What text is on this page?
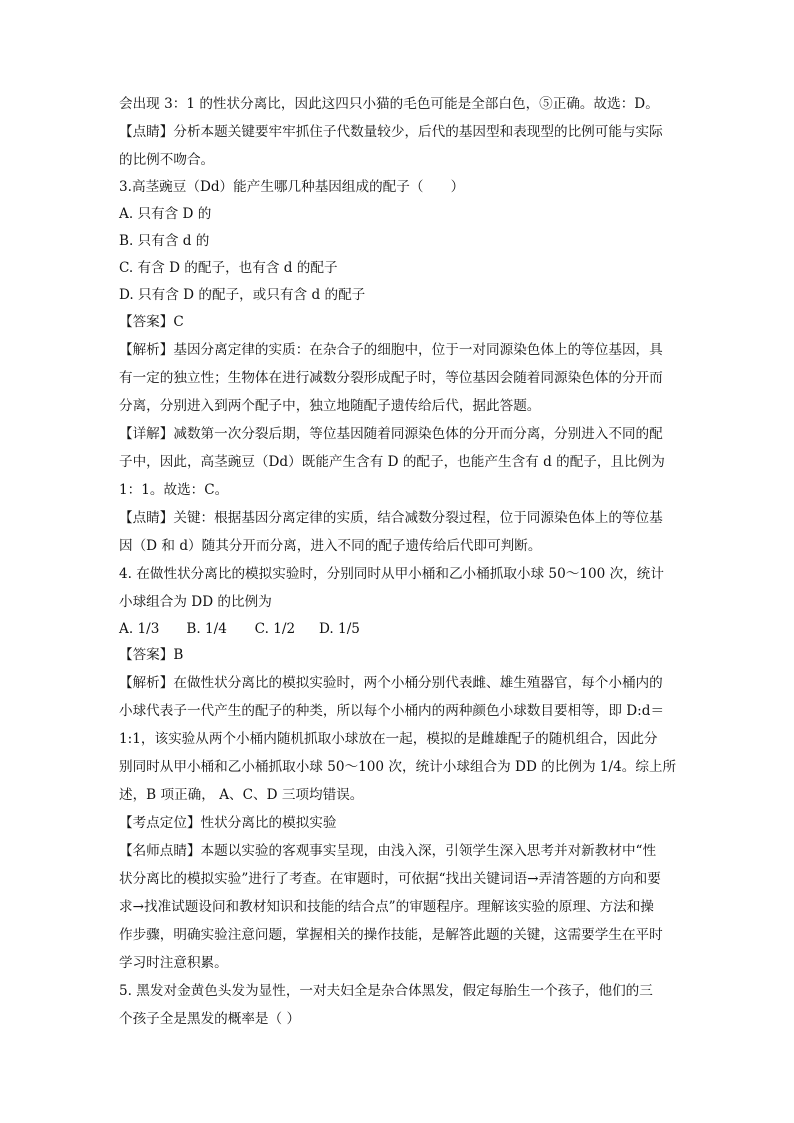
会出现 3：1 的性状分离比，因此这四只小猫的毛色可能是全部白色，⑤正确。故选：D。
【点睛】分析本题关键要牢牢抓住子代数量较少，后代的基因型和表现型的比例可能与实际
的比例不吻合。
3.高茎豌豆（Dd）能产生哪几种基因组成的配子（　　）
A. 只有含 D 的
B. 只有含 d 的
C. 有含 D 的配子，也有含 d 的配子
D. 只有含 D 的配子，或只有含 d 的配子
【答案】C
【解析】基因分离定律的实质：在杂合子的细胞中，位于一对同源染色体上的等位基因，具
有一定的独立性；生物体在进行减数分裂形成配子时，等位基因会随着同源染色体的分开而
分离，分别进入到两个配子中，独立地随配子遗传给后代，据此答题。
【详解】减数第一次分裂后期，等位基因随着同源染色体的分开而分离，分别进入不同的配
子中，因此，高茎豌豆（Dd）既能产生含有 D 的配子，也能产生含有 d 的配子，且比例为
1：1。故选：C。
【点睛】关键：根据基因分离定律的实质，结合减数分裂过程，位于同源染色体上的等位基
因（D 和 d）随其分开而分离，进入不同的配子遗传给后代即可判断。
4. 在做性状分离比的模拟实验时，分别同时从甲小桶和乙小桶抓取小球 50～100 次，统计
小球组合为 DD 的比例为
A. 1/3 B. 1/4 C. 1/2 D. 1/5
【答案】B
【解析】在做性状分离比的模拟实验时，两个小桶分别代表雌、雄生殖器官，每个小桶内的
小球代表子一代产生的配子的种类，所以每个小桶内的两种颜色小球数目要相等，即 D:d＝
1:1，该实验从两个小桶内随机抓取小球放在一起，模拟的是雌雄配子的随机组合，因此分
别同时从甲小桶和乙小桶抓取小球 50～100 次，统计小球组合为 DD 的比例为 1/4。综上所
述，B 项正确， A、C、D 三项均错误。
【考点定位】性状分离比的模拟实验
【名师点睛】本题以实验的客观事实呈现，由浅入深，引领学生深入思考并对新教材中“性
状分离比的模拟实验”进行了考查。在审题时，可依据“找出关键词语→弄清答题的方向和要
求→找准试题设问和教材知识和技能的结合点”的审题程序。理解该实验的原理、方法和操
作步骤，明确实验注意问题，掌握相关的操作技能，是解答此题的关键，这需要学生在平时
学习时注意积累。
5. 黑发对金黄色头发为显性，一对夫妇全是杂合体黑发，假定每胎生一个孩子，他们的三
个孩子全是黑发的概率是（ ）
